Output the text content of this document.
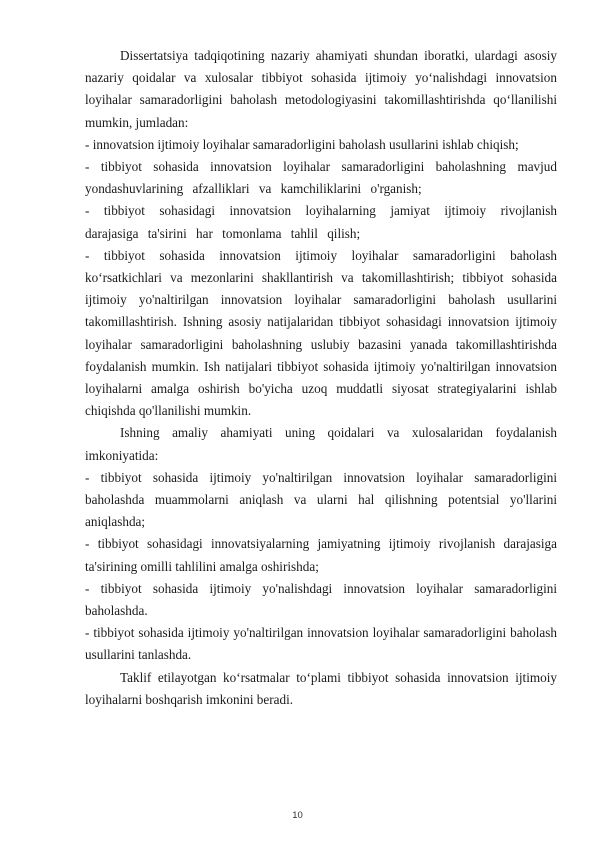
Dissertatsiya tadqiqotining nazariy ahamiyati shundan iboratki, ulardagi asosiy nazariy qoidalar va xulosalar tibbiyot sohasida ijtimoiy yo‘nalishdagi innovatsion loyihalar samaradorligini baholash metodologiyasini takomillashtirishda qo‘llanilishi mumkin, jumladan:

- innovatsion ijtimoiy loyihalar samaradorligini baholash usullarini ishlab chiqish;

- tibbiyot sohasida innovatsion loyihalar samaradorligini baholashning mavjud yondashuvlarining afzalliklari va kamchiliklarini o'rganish;

- tibbiyot sohasidagi innovatsion loyihalarning jamiyat ijtimoiy rivojlanish darajasiga ta'sirini har tomonlama tahlil qilish;

- tibbiyot sohasida innovatsion ijtimoiy loyihalar samaradorligini baholash ko‘rsatkichlari va mezonlarini shakllantirish va takomillashtirish; tibbiyot sohasida ijtimoiy yo'naltirilgan innovatsion loyihalar samaradorligini baholash usullarini takomillashtirish. Ishning asosiy natijalaridan tibbiyot sohasidagi innovatsion ijtimoiy loyihalar samaradorligini baholashning uslubiy bazasini yanada takomillashtirishda foydalanish mumkin. Ish natijalari tibbiyot sohasida ijtimoiy yo'naltirilgan innovatsion loyihalarni amalga oshirish bo'yicha uzoq muddatli siyosat strategiyalarini ishlab chiqishda qo'llanilishi mumkin.

Ishning amaliy ahamiyati uning qoidalari va xulosalaridan foydalanish imkoniyatida:

- tibbiyot sohasida ijtimoiy yo'naltirilgan innovatsion loyihalar samaradorligini baholashda muammolarni aniqlash va ularni hal qilishning potentsial yo'llarini aniqlashda;

- tibbiyot sohasidagi innovatsiyalarning jamiyatning ijtimoiy rivojlanish darajasiga ta'sirining omilli tahlilini amalga oshirishda;

- tibbiyot sohasida ijtimoiy yo'nalishdagi innovatsion loyihalar samaradorligini baholashda.

- tibbiyot sohasida ijtimoiy yo'naltirilgan innovatsion loyihalar samaradorligini baholash usullarini tanlashda.

Taklif etilayotgan ko‘rsatmalar to‘plami tibbiyot sohasida innovatsion ijtimoiy loyihalarni boshqarish imkonini beradi.

10
